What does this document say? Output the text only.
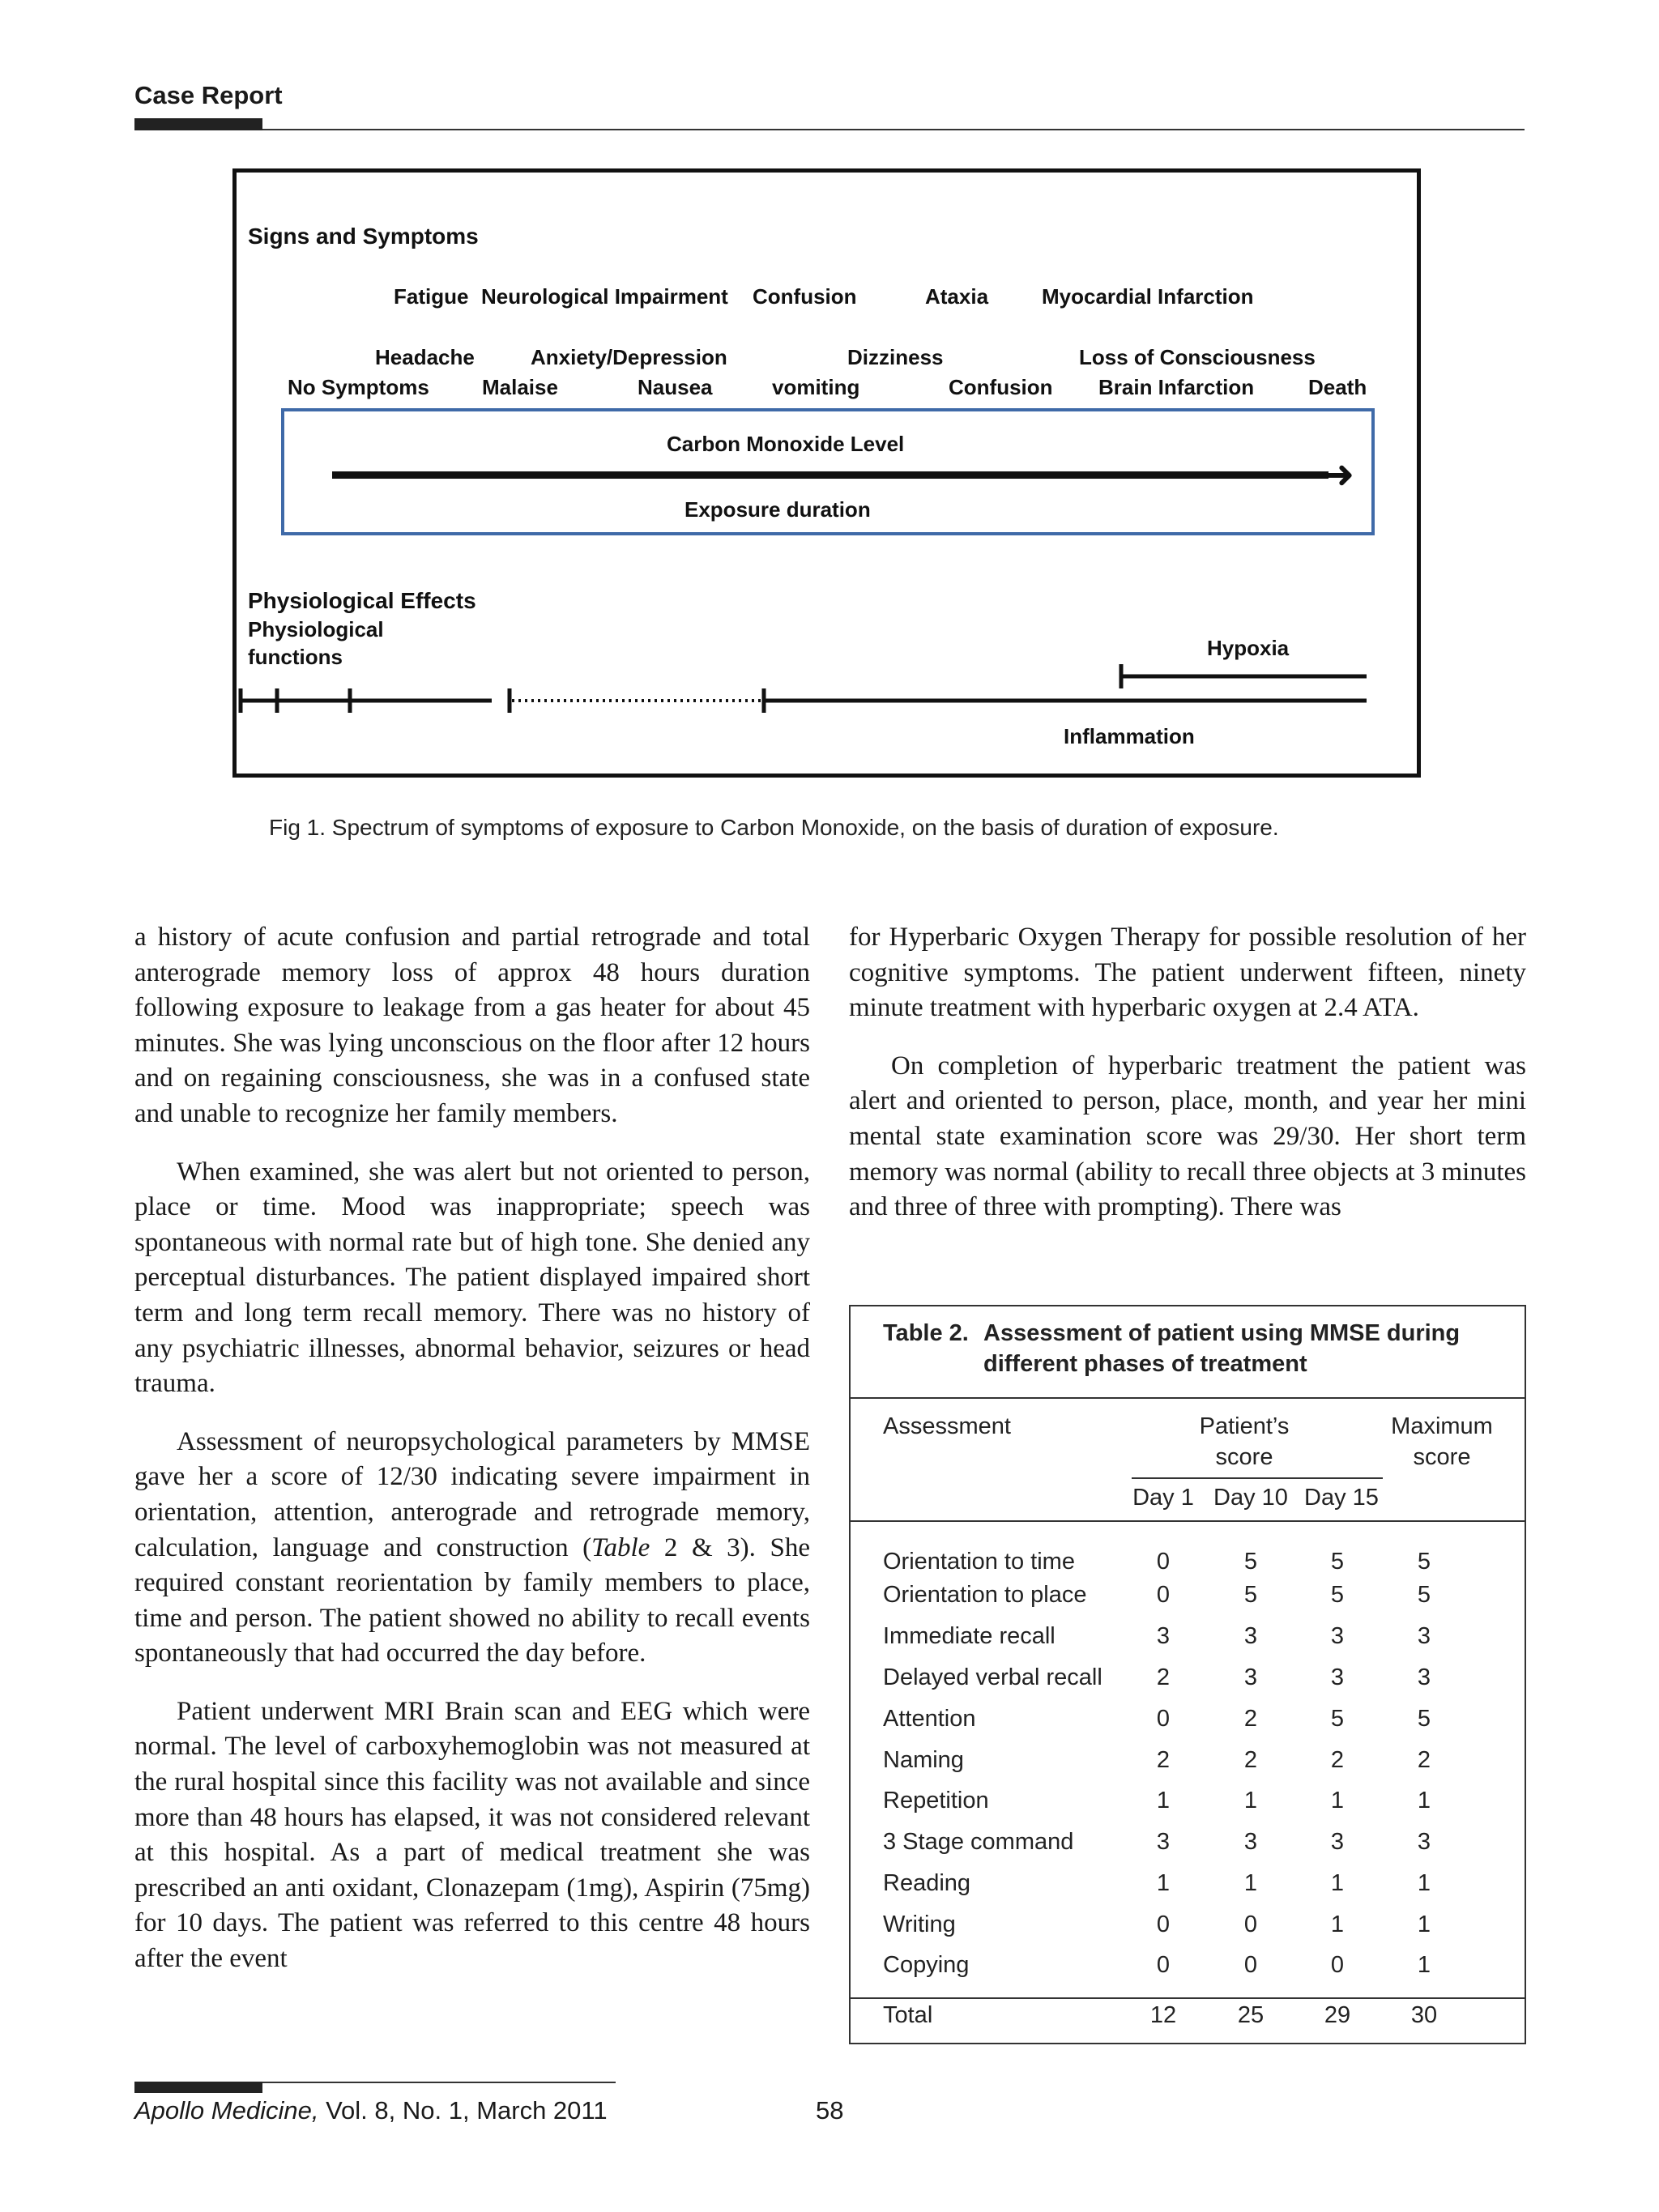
Case Report
Signs and Symptoms
Fatigue Neurological Impairment Confusion	Ataxia	Myocardial Infarction
Headache	Anxiety/Depression	Dizziness	Loss of Consciousness
No Symptoms	Malaise	Nausea	vomiting	Confusion Brain Infarction	Death
Carbon Monoxide Level
➜
Exposure duration
Physiological Effects
Physiological
functions	Hypoxia
Inflammation
Fig 1. Spectrum of symptoms of exposure to Carbon Monoxide, on the basis of duration of exposure.

a history of acute confusion and partial retrograde and total anterograde memory loss of approx 48 hours duration following exposure to leakage from a gas heater for about 45 minutes. She was lying unconscious on the floor after 12 hours and on regaining consciousness, she was in a confused state and unable to recognize her family members.

When examined, she was alert but not oriented to person, place or time. Mood was inappropriate; speech was spontaneous with normal rate but of high tone. She denied any perceptual disturbances. The patient displayed impaired short term and long term recall memory. There was no history of any psychiatric illnesses, abnormal behavior, seizures or head trauma.

Assessment of neuropsychological parameters by MMSE gave her a score of 12/30 indicating severe impairment in orientation, attention, anterograde and retrograde memory, calculation, language and construction (Table 2 & 3). She required constant reorientation by family members to place, time and person. The patient showed no ability to recall events spontaneously that had occurred the day before.

Patient underwent MRI Brain scan and EEG which were normal. The level of carboxyhemoglobin was not measured at the rural hospital since this facility was not available and since more than 48 hours has elapsed, it was not considered relevant at this hospital. As a part of medical treatment she was prescribed an anti oxidant, Clonazepam (1mg), Aspirin (75mg) for 10 days. The patient was referred to this centre 48 hours after the event

for Hyperbaric Oxygen Therapy for possible resolution of her cognitive symptoms. The patient underwent fifteen, ninety minute treatment with hyperbaric oxygen at 2.4 ATA.

On completion of hyperbaric treatment the patient was alert and oriented to person, place, month, and year her mini mental state examination score was 29/30. Her short term memory was normal (ability to recall three objects at 3 minutes and three of three with prompting). There was

Table 2. Assessment of patient using MMSE during
different phases of treatment
Assessment	Patient’s
score
Maximum
score
Day 1 Day 10 Day 15
Orientation to time	0	5	5	5
Orientation to place	0	5	5	5
Immediate recall	3	3	3	3
Delayed verbal recall	2	3	3	3
Attention	0	2	5	5
Naming	2	2	2	2
Repetition	1	1	1	1
3 Stage command	3	3	3	3
Reading	1	1	1	1
Writing	0	0	1	1
Copying	0	0	0	1
Total	12	25	29	30
Apollo Medicine, Vol. 8, No. 1, March 2011	58
